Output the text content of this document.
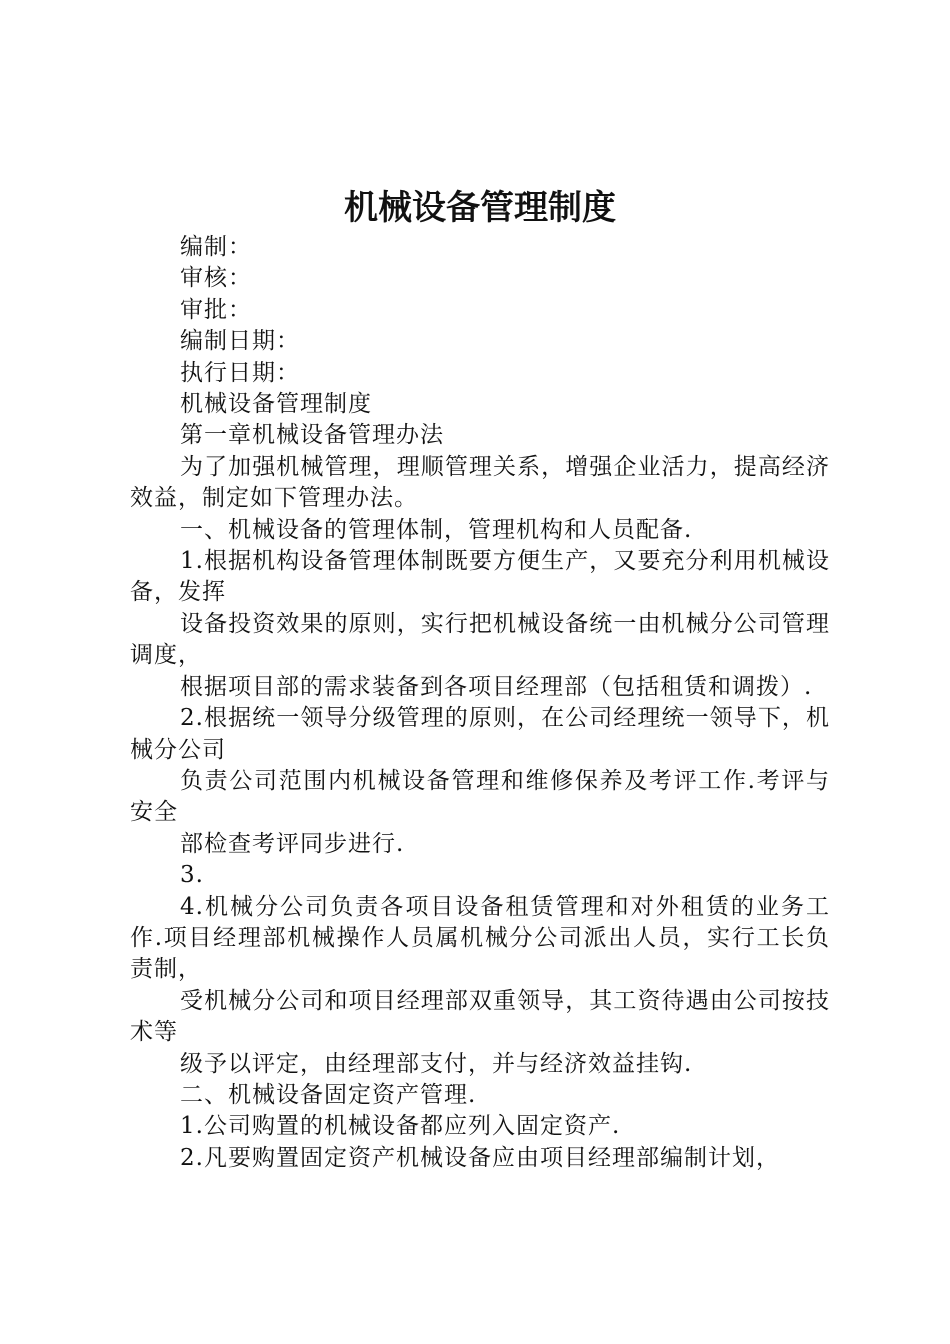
机械设备管理制度

编制：

审核：

审批：

编制日期：

执行日期：

机械设备管理制度

第一章机械设备管理办法

为了加强机械管理，理顺管理关系，增强企业活力，提高经济效益，制定如下管理办法。

一、机械设备的管理体制，管理机构和人员配备.

1.根据机构设备管理体制既要方便生产，又要充分利用机械设备，发挥

设备投资效果的原则，实行把机械设备统一由机械分公司管理调度，

根据项目部的需求装备到各项目经理部（包括租赁和调拨）.

2.根据统一领导分级管理的原则，在公司经理统一领导下，机械分公司

负责公司范围内机械设备管理和维修保养及考评工作.考评与安全

部检查考评同步进行.

3.

4.机械分公司负责各项目设备租赁管理和对外租赁的业务工作.项目经理部机械操作人员属机械分公司派出人员，实行工长负责制，

受机械分公司和项目经理部双重领导，其工资待遇由公司按技术等

级予以评定，由经理部支付，并与经济效益挂钩.

二、机械设备固定资产管理.

1.公司购置的机械设备都应列入固定资产.

2.凡要购置固定资产机械设备应由项目经理部编制计划，
